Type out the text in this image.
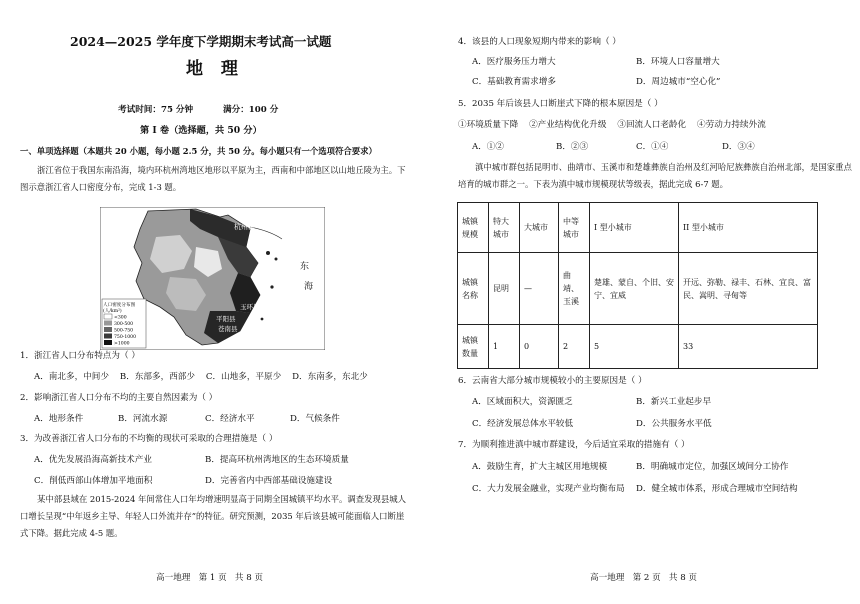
2024—2025 学年度下学期期末考试高一试题
地 理
考试时间：75 分钟          满分：100 分
第 I 卷（选择题，共 50 分）
一、单项选择题（本题共 20 小题，每小题 2.5 分，共 50 分。每小题只有一个选项符合要求）
浙江省位于我国东南沿海，境内环杭州湾地区地形以平原为主，西南和中部地区以山地丘陵为主。下图示意浙江省人口密度分布，完成 1-3 题。
杭州湾
东
海
玉环县
平阳县
苍南县
人口密度分布图
(人/km²)
<300
300-500
500-750
750-1000
>1000
1．浙江省人口分布特点为（ ）
A．南北多，中间少    B．东部多，西部少    C．山地多，平原少    D．东南多，东北少
2．影响浙江省人口分布不均的主要自然因素为（ ）
A．地形条件	B．河流水源	C．经济水平	D．气候条件
3．为改善浙江省人口分布的不均衡的现状可采取的合理措施是（ ）
A．优先发展沿海高新技术产业	B．提高环杭州湾地区的生态环境质量
C．削低西部山体增加平地面积	D．完善省内中西部基础设施建设
某中部县域在 2015-2024 年间常住人口年均增速明显高于同期全国城镇平均水平。调查发现县城人口增长呈现“中年返乡主导、年轻人口外流并存”的特征。研究预测，2035 年后该县城可能面临人口断崖式下降。据此完成 4-5 题。
高一地理   第 1 页   共 8 页
4．该县的人口现象短期内带来的影响（ ）
A．医疗服务压力增大	B．环境人口容量增大
C．基础教育需求增多	D．周边城市“空心化”
5．2035 年后该县人口断崖式下降的根本原因是（ ）
①环境质量下降    ②产业结构优化升级    ③回流人口老龄化    ④劳动力持续外流
A．①②	B．②③	C．①④	D．③④
滇中城市群包括昆明市、曲靖市、玉溪市和楚雄彝族自治州及红河哈尼族彝族自治州北部，是国家重点培育的城市群之一。下表为滇中城市规模现状等级表，据此完成 6-7 题。
城镇规模	特大城市	大城市	中等城市	I 型小城市	II 型小城市
城镇名称	昆明	—	曲靖、玉溪	楚雄、蒙自、个旧、安宁、宜威	开远、弥勒、禄丰、石林、宜良、富民、嵩明、寻甸等
城镇数量	1	0	2	5	33
6．云南省大部分城市规模较小的主要原因是（ ）
A．区域面积大，资源匮乏	B．新兴工业起步早
C．经济发展总体水平较低	D．公共服务水平低
7．为顺利推进滇中城市群建设，今后适宜采取的措施有（ ）
A．鼓励生育，扩大主城区用地规模	B．明确城市定位，加强区域间分工协作
C．大力发展金融业，实现产业均衡布局 D．健全城市体系，形成合理城市空间结构
高一地理   第 2 页   共 8 页
